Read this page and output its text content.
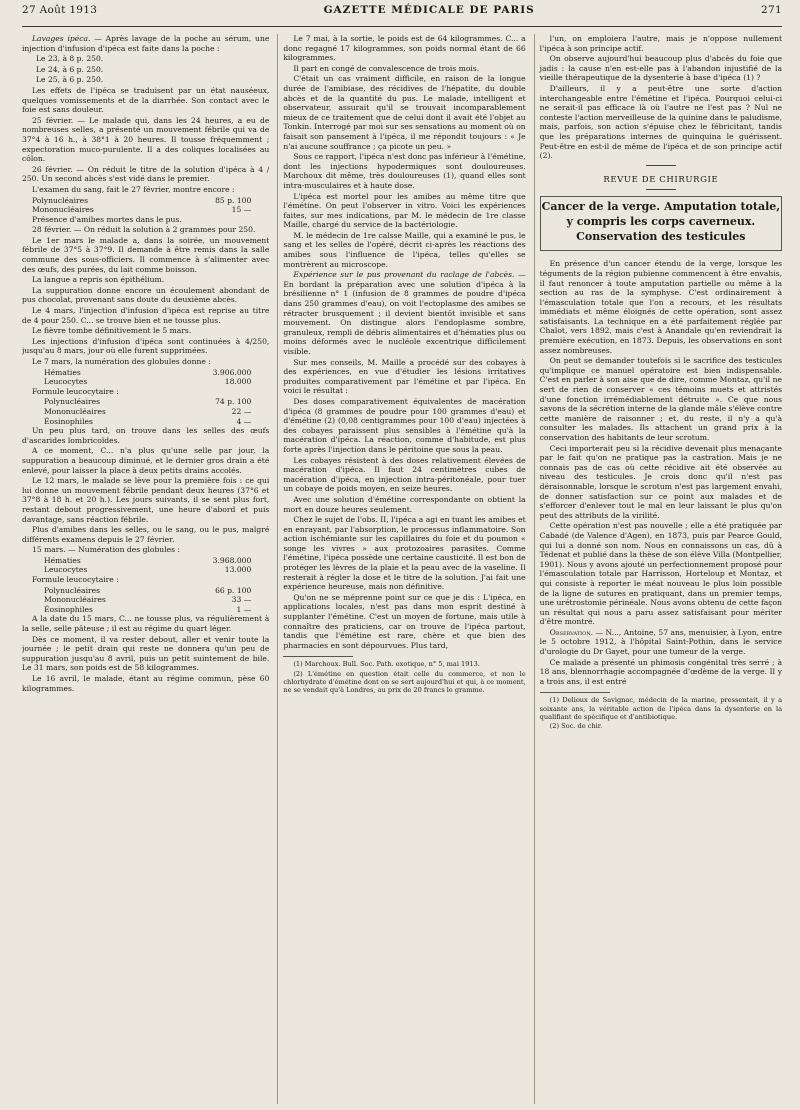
27 Août 1913	GAZETTE MÉDICALE DE PARIS	271

Lavages ipéca. — Après lavage de la poche au sérum, une injection d'infusion d'ipéca est faite dans la poche :

Le 23, à 8 p. 250.

Le 24, à 6 p. 250.

Le 25, à 6 p. 250.

Les effets de l'ipéca se traduisent par un état nauséeux, quelques vomissements et de la diarrhée. Son contact avec le foie est sans douleur.

25 février. — Le malade qui, dans les 24 heures, a eu de nombreuses selles, a présenté un mouvement fébrile qui va de 37°4 à 16 h., à 38°1 à 20 heures. Il tousse fréquemment ; expectoration muco-purulente. Il a des coliques localisées au côlon.

26 février. — On réduit le titre de la solution d'ipéca à 4 / 250. Un second abcès s'est vidé dans le premier.

L'examen du sang, fait le 27 février, montre encore :

Polynucléaires	85 p. 100
Mononucléaires	15 —

Présence d'amibes mortes dans le pus.

28 février. — On réduit la solution à 2 grammes pour 250.

Le 1er mars le malade a, dans la soirée, un mouvement fébrile de 37°5 à 37°9. Il demande à être remis dans la salle commune des sous-officiers. Il commence à s'alimenter avec des œufs, des purées, du lait comme boisson.

La langue a repris son épithélium.

La suppuration donne encore un écoulement abondant de pus chocolat, provenant sans doute du deuxième abcès.

Le 4 mars, l'injection d'infusion d'ipéca est reprise au titre de 4 pour 250. C... se trouve bien et ne tousse plus.

Le fièvre tombe définitivement le 5 mars.

Les injections d'infusion d'ipéca sont continuées à 4/250, jusqu'au 8 mars, jour où elle furent supprimées.

Le 7 mars, la numération des globules donne :

Hématies	3.906.000
Leucocytes	18.000

Formule leucocytaire :

Polynucléaires	74 p. 100
Mononucléaires	22 —
Éosinophiles	4 —

Un peu plus tard, on trouve dans les selles des œufs d'ascarides lombricoïdes.

A ce moment, C... n'a plus qu'une selle par jour, la suppuration a beaucoup diminué, et le dernier gros drain a été enlevé, pour laisser la place à deux petits drains accolés.

Le 12 mars, le malade se lève pour la première fois : ce qui lui donne un mouvement fébrile pendant deux heures (37°6 et 37°8 à 18 h. et 20 h.). Les jours suivants, il se sent plus fort, restant debout progressivement, une heure d'abord et puis davantage, sans réaction fébrile.

Plus d'amibes dans les selles, ou le sang, ou le pus, malgré différents examens depuis le 27 février.

15 mars. — Numération des globules :

Hématies	3.968.000
Leucocytes	13.000

Formule leucocytaire :

Polynucléaires	66 p. 100
Mononucléaires	33 —
Éosinophiles	1 —

A la date du 15 mars, C... ne tousse plus, va régulièrement à la selle, selle pâteuse ; il est au régime du quart léger.

Dès ce moment, il va rester debout, aller et venir toute la journée ; le petit drain qui reste ne donnera qu'un peu de suppuration jusqu'au 8 avril, puis un petit suintement de bile. Le 31 mars, son poids est de 58 kilogrammes.

Le 16 avril, le malade, étant au régime commun, pèse 60 kilogrammes.

Le 7 mai, à la sortie, le poids est de 64 kilogrammes. C... a donc regagné 17 kilogrammes, son poids normal étant de 66 kilogrammes.

Il part en congé de convalescence de trois mois.

C'était un cas vraiment difficile, en raison de la longue durée de l'amibiase, des récidives de l'hépatite, du double abcès et de la quantité du pus. Le malade, intelligent et observateur, assurait qu'il se trouvait incomparablement mieux de ce traitement que de celui dont il avait été l'objet au Tonkin. Interrogé par moi sur ses sensations au moment où on faisait son pansement à l'ipéca, il me répondit toujours : « Je n'ai aucune souffrance ; ça picote un peu. »

Sous ce rapport, l'ipéca n'est donc pas inférieur à l'émétine, dont les injections hypodermiques sont douloureuses. Marchoux dit même, très douloureuses (1), quand elles sont intra-musculaires et à haute dose.

L'ipéca est mortel pour les amibes au même titre que l'émétine. On peut l'observer in vitro. Voici les expériences faites, sur mes indications, par M. le médecin de 1re classe Maille, chargé du service de la bactériologie.

M. le médecin de 1re calsse Maille, qui a examiné le pus, le sang et les selles de l'opéré, décrit ci-après les réactions des amibes sous l'influence de l'ipéca, telles qu'elles se montrèrent au microscope.

Expérience sur le pus provenant du raclage de l'abcès. — En bordant la préparation avec une solution d'ipéca à la brésilienne n° 1 (infusion de 8 grammes de poudre d'ipéca dans 250 grammes d'eau), on voit l'ectoplasme des amibes se rétracter brusquement ; il devient bientôt invisible et sans mouvement. On distingue alors l'endoplasme sombre, granuleux, rempli de débris alimentaires et d'hématies plus ou moins déformés avec le nucléole excentrique difficilement visible.

Sur mes conseils, M. Maille a procédé sur des cobayes à des expériences, en vue d'étudier les lésions irritatives produites comparativement par l'émétine et par l'ipéca. En voici le résultat :

Des doses comparativement équivalentes de macération d'ipéca (8 grammes de poudre pour 100 grammes d'eau) et d'émétine (2) (0,08 centigrammes pour 100 d'eau) injectées à des cobayes paraissent plus sensibles à l'émétine qu'à la macération d'ipéca. La réaction, comme d'habitude, est plus forte après l'injection dans le péritoine que sous la peau.

Les cobayes résistent à des doses relativement élevées de macération d'ipéca. Il faut 24 centimètres cubes de macération d'ipéca, en injection intra-péritonéale, pour tuer un cobaye de poids moyen, en seize heures.

Avec une solution d'émétine correspondante on obtient la mort en douze heures seulement.

Chez le sujet de l'obs. II, l'ipéca a agi en tuant les amibes et en enrayant, par l'absorption, le processus inflammatoire. Son action ischémiante sur les capillaires du foie et du poumon « songe les vivres » aux protozoaires parasites. Comme l'émétine, l'ipéca possède une certaine causticité. Il est bon de protéger les lèvres de la plaie et la peau avec de la vaseline. Il resterait à régler la dose et le titre de la solution. J'ai fait une expérience heureuse, mais non définitive.

Qu'on ne se méprenne point sur ce que je dis : L'ipéca, en applications locales, n'est pas dans mon esprit destiné à supplanter l'émétine. C'est un moyen de fortune, mais utile à connaître des praticiens, car on trouve de l'ipéca partout, tandis que l'émétine est rare, chère et que bien des pharmacies en sont dépourvues. Plus tard,

(1) Marchoux. Bull. Soc. Path. exotique, n° 5, mai 1913.

(2) L'émétine en question était celle du commerce, et non le chlorhydrate d'émétine dont on se sert aujourd'hui et qui, à ce moment, ne se vendait qu'à Londres, au prix de 20 francs le gramme.

l'un, on emploiera l'autre, mais je n'oppose nullement l'ipéca à son principe actif.

On observe aujourd'hui beaucoup plus d'abcès du foie que jadis : la cause n'en est-elle pas à l'abandon injustifié de la vieille thérapeutique de la dysenterie à base d'ipéca (1) ?

D'ailleurs, il y a peut-être une sorte d'action interchangeable entre l'émétine et l'ipéca. Pourquoi celui-ci ne serait-il pas efficace là où l'autre ne l'est pas ? Nul ne conteste l'action merveilleuse de la quinine dans le paludisme, mais, parfois, son action s'épuise chez le fébricitant, tandis que les préparations internes de quinquina le guérissent. Peut-être en est-il de même de l'ipéca et de son principe actif (2).

REVUE DE CHIRURGIE
Cancer de la verge. Amputation totale,
y compris les corps caverneux.
Conservation des testicules

En présence d'un cancer étendu de la verge, lorsque les téguments de la région pubienne commencent à être envahis, il faut renoncer à toute amputation partielle ou même à la section au ras de la symphyse. C'est ordinairement à l'émasculation totale que l'on a recours, et les résultats immédiats et même éloignés de cette opération, sont assez satisfaisants. La technique en a été parfaitement réglée par Chalot, vers 1892, mais c'est à Anandale qu'en reviendrait la première exécution, en 1873. Depuis, les observations en sont assez nombreuses.

On peut se demander toutefois si le sacrifice des testicules qu'implique ce manuel opératoire est bien indispensable. C'est en parler à son aise que de dire, comme Montaz, qu'il ne sert de rien de conserver « ces témoins muets et attristés d'une fonction irrémédiablement détruite ». Ce que nous savons de la sécrétion interne de la glande mâle s'élève contre cette manière de raisonner ; et, du reste, il n'y a qu'à consulter les malades. Ils attachent un grand prix à la conservation des habitants de leur scrotum.

Ceci importerait peu si la récidive devenait plus menaçante par le fait qu'on ne pratique pas la castration. Mais je ne connais pas de cas où cette récidive ait été observée au niveau des testicules. Je crois donc qu'il n'est pas déraisonnable, lorsque le scrotum n'est pas largement envahi, de donner satisfaction sur ce point aux malades et de s'efforcer d'enlever tout le mal en leur laissant le plus qu'on peut des attributs de la virilité.

Cette opération n'est pas nouvelle ; elle a été pratiquée par Cabadé (de Valence d'Agen), en 1873, puis par Pearce Gould, qui lui a donné son nom. Nous en connaissons un cas, dû à Tédenat et publié dans la thèse de son élève Villa (Montpellier, 1901). Nous y avons ajouté un perfectionnement proposé pour l'émasculation totale par Harrisson, Horteloup et Montaz, et qui consiste à reporter le méat nouveau le plus loin possible de la ligne de sutures en pratiquant, dans un premier temps, une urétrostomie périnéale. Nous avons obtenu de cette façon un résultat qui nous a paru assez satisfaisant pour mériter d'être montré.

Observation. — N..., Antoine, 57 ans, menuisier, à Lyon, entre le 5 octobre 1912, à l'hôpital Saint-Pothin, dans le service d'urologie du Dr Gayet, pour une tumeur de la verge.

Ce malade a présenté un phimosis congénital très serré ; à 18 ans, blennorrhagie accompagnée d'œdème de la verge. Il y a trois ans, il est entré

(1) Delioux de Savignac, médecin de la marine, pressentait, il y a soixante ans, la véritable action de l'ipéca dans la dysenterie en la qualifiant de spécifique et d'antibiotique.

(2) Soc. de chir.
